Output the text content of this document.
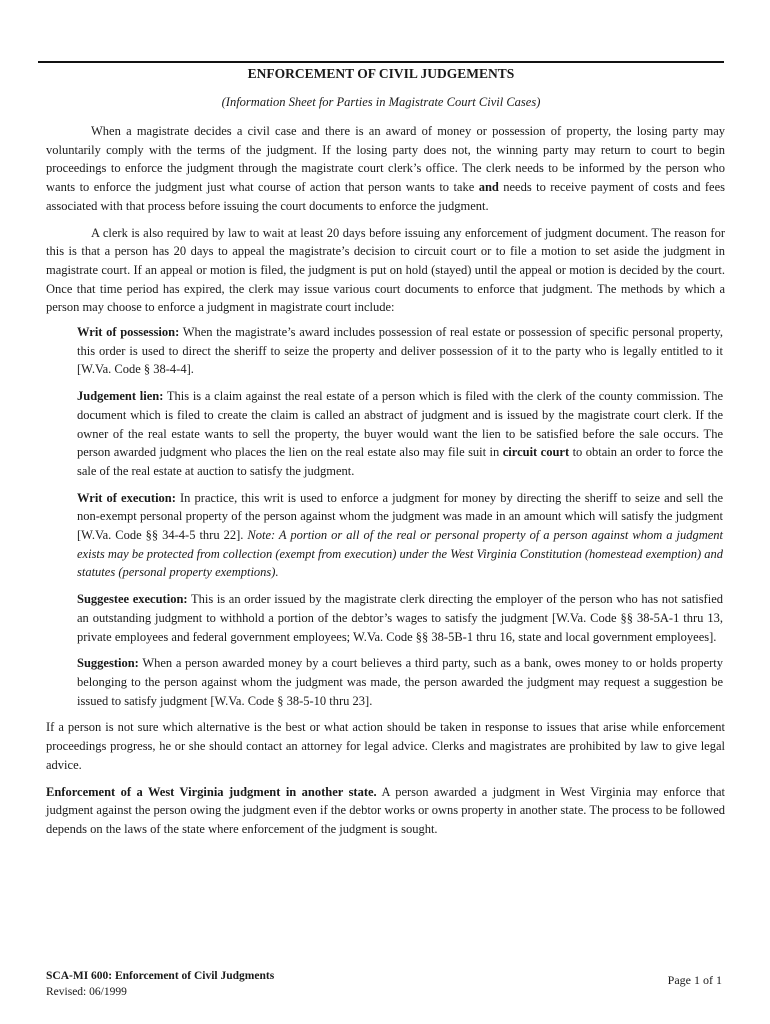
ENFORCEMENT OF CIVIL JUDGEMENTS
(Information Sheet for Parties in Magistrate Court Civil Cases)

When a magistrate decides a civil case and there is an award of money or possession of property, the losing party may voluntarily comply with the terms of the judgment. If the losing party does not, the winning party may return to court to begin proceedings to enforce the judgment through the magistrate court clerk’s office. The clerk needs to be informed by the person who wants to enforce the judgment just what course of action that person wants to take and needs to receive payment of costs and fees associated with that process before issuing the court documents to enforce the judgment.

A clerk is also required by law to wait at least 20 days before issuing any enforcement of judgment document. The reason for this is that a person has 20 days to appeal the magistrate’s decision to circuit court or to file a motion to set aside the judgment in magistrate court. If an appeal or motion is filed, the judgment is put on hold (stayed) until the appeal or motion is decided by the court. Once that time period has expired, the clerk may issue various court documents to enforce that judgment. The methods by which a person may choose to enforce a judgment in magistrate court include:

Writ of possession: When the magistrate’s award includes possession of real estate or possession of specific personal property, this order is used to direct the sheriff to seize the property and deliver possession of it to the party who is legally entitled to it [W.Va. Code § 38-4-4].

Judgement lien: This is a claim against the real estate of a person which is filed with the clerk of the county commission. The document which is filed to create the claim is called an abstract of judgment and is issued by the magistrate court clerk. If the owner of the real estate wants to sell the property, the buyer would want the lien to be satisfied before the sale occurs. The person awarded judgment who places the lien on the real estate also may file suit in circuit court to obtain an order to force the sale of the real estate at auction to satisfy the judgment.

Writ of execution: In practice, this writ is used to enforce a judgment for money by directing the sheriff to seize and sell the non-exempt personal property of the person against whom the judgment was made in an amount which will satisfy the judgment [W.Va. Code §§ 34-4-5 thru 22]. Note: A portion or all of the real or personal property of a person against whom a judgment exists may be protected from collection (exempt from execution) under the West Virginia Constitution (homestead exemption) and statutes (personal property exemptions).

Suggestee execution: This is an order issued by the magistrate clerk directing the employer of the person who has not satisfied an outstanding judgment to withhold a portion of the debtor’s wages to satisfy the judgment [W.Va. Code §§ 38-5A-1 thru 13, private employees and federal government employees; W.Va. Code §§ 38-5B-1 thru 16, state and local government employees].

Suggestion: When a person awarded money by a court believes a third party, such as a bank, owes money to or holds property belonging to the person against whom the judgment was made, the person awarded the judgment may request a suggestion be issued to satisfy judgment [W.Va. Code § 38-5-10 thru 23].

If a person is not sure which alternative is the best or what action should be taken in response to issues that arise while enforcement proceedings progress, he or she should contact an attorney for legal advice. Clerks and magistrates are prohibited by law to give legal advice.

Enforcement of a West Virginia judgment in another state. A person awarded a judgment in West Virginia may enforce that judgment against the person owing the judgment even if the debtor works or owns property in another state. The process to be followed depends on the laws of the state where enforcement of the judgment is sought.

SCA-MI 600: Enforcement of Civil Judgments
Revised: 06/1999
Page 1 of 1
